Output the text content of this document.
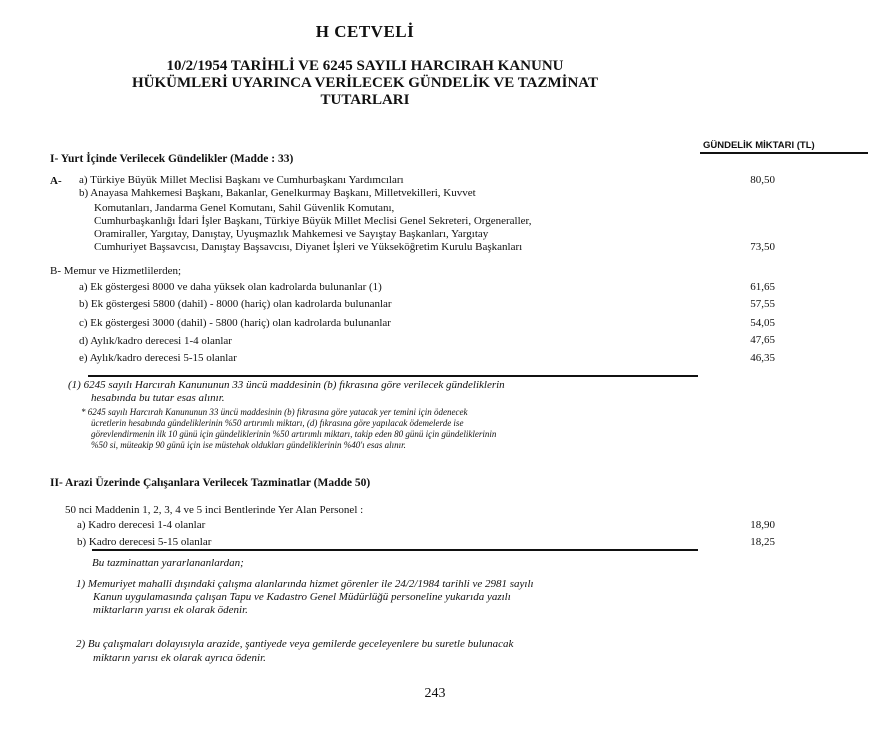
H CETVELİ
10/2/1954 TARİHLİ VE 6245 SAYILI HARCIRAH KANUNU
HÜKÜMLERİ UYARINCA VERİLECEK GÜNDELİK VE TAZMİNAT
TUTARLARI
GÜNDELİK MİKTARI (TL)
I- Yurt İçinde Verilecek Gündelikler (Madde : 33)
A- a) Türkiye Büyük Millet Meclisi Başkanı ve Cumhurbaşkanı Yardımcıları	80,50
b) Anayasa Mahkemesi Başkanı, Bakanlar, Genelkurmay Başkanı, Milletvekilleri, Kuvvet
Komutanları, Jandarma Genel Komutanı, Sahil Güvenlik Komutanı,
Cumhurbaşkanlığı İdari İşler Başkanı, Türkiye Büyük Millet Meclisi Genel Sekreteri, Orgeneraller,
Oramiraller, Yargıtay, Danıştay, Uyuşmazlık Mahkemesi ve Sayıştay Başkanları, Yargıtay
Cumhuriyet Başsavcısı, Danıştay Başsavcısı, Diyanet İşleri ve Yükseköğretim Kurulu Başkanları	73,50
B- Memur ve Hizmetlilerden;
a) Ek göstergesi 8000 ve daha yüksek olan kadrolarda bulunanlar (1)	61,65
b) Ek göstergesi 5800 (dahil) - 8000 (hariç) olan kadrolarda bulunanlar	57,55
c) Ek göstergesi 3000 (dahil) - 5800 (hariç) olan kadrolarda bulunanlar	54,05
d) Aylık/kadro derecesi 1-4 olanlar	47,65
e) Aylık/kadro derecesi 5-15 olanlar	46,35
(1) 6245 sayılı Harcırah Kanununun 33 üncü maddesinin (b) fıkrasına göre verilecek gündeliklerin
hesabında bu tutar esas alınır.
* 6245 sayılı Harcırah Kanununun 33 üncü maddesinin (b) fıkrasına göre yatacak yer temini için ödenecek
ücretlerin hesabında gündeliklerinin %50 artırımlı miktarı, (d) fıkrasına göre yapılacak ödemelerde ise
görevlendirmenin ilk 10 günü için gündeliklerinin %50 artırımlı miktarı, takip eden 80 günü için gündeliklerinin
%50 si, müteakip 90 günü için ise müstehak oldukları gündeliklerinin %40'ı esas alınır.
II- Arazi Üzerinde Çalışanlara Verilecek Tazminatlar (Madde 50)
50 nci Maddenin 1, 2, 3, 4 ve 5 inci Bentlerinde Yer Alan Personel :
a) Kadro derecesi 1-4 olanlar	18,90
b) Kadro derecesi 5-15 olanlar	18,25
Bu tazminattan yararlananlardan;
1) Memuriyet mahalli dışındaki çalışma alanlarında hizmet görenler ile 24/2/1984 tarihli ve 2981 sayılı
Kanun uygulamasında çalışan Tapu ve Kadastro Genel Müdürlüğü personeline yukarıda yazılı
miktarların yarısı ek olarak ödenir.
2) Bu çalışmaları dolayısıyla arazide, şantiyede veya gemilerde geceleyenlere bu suretle bulunacak
miktarın yarısı ek olarak ayrıca ödenir.
243
